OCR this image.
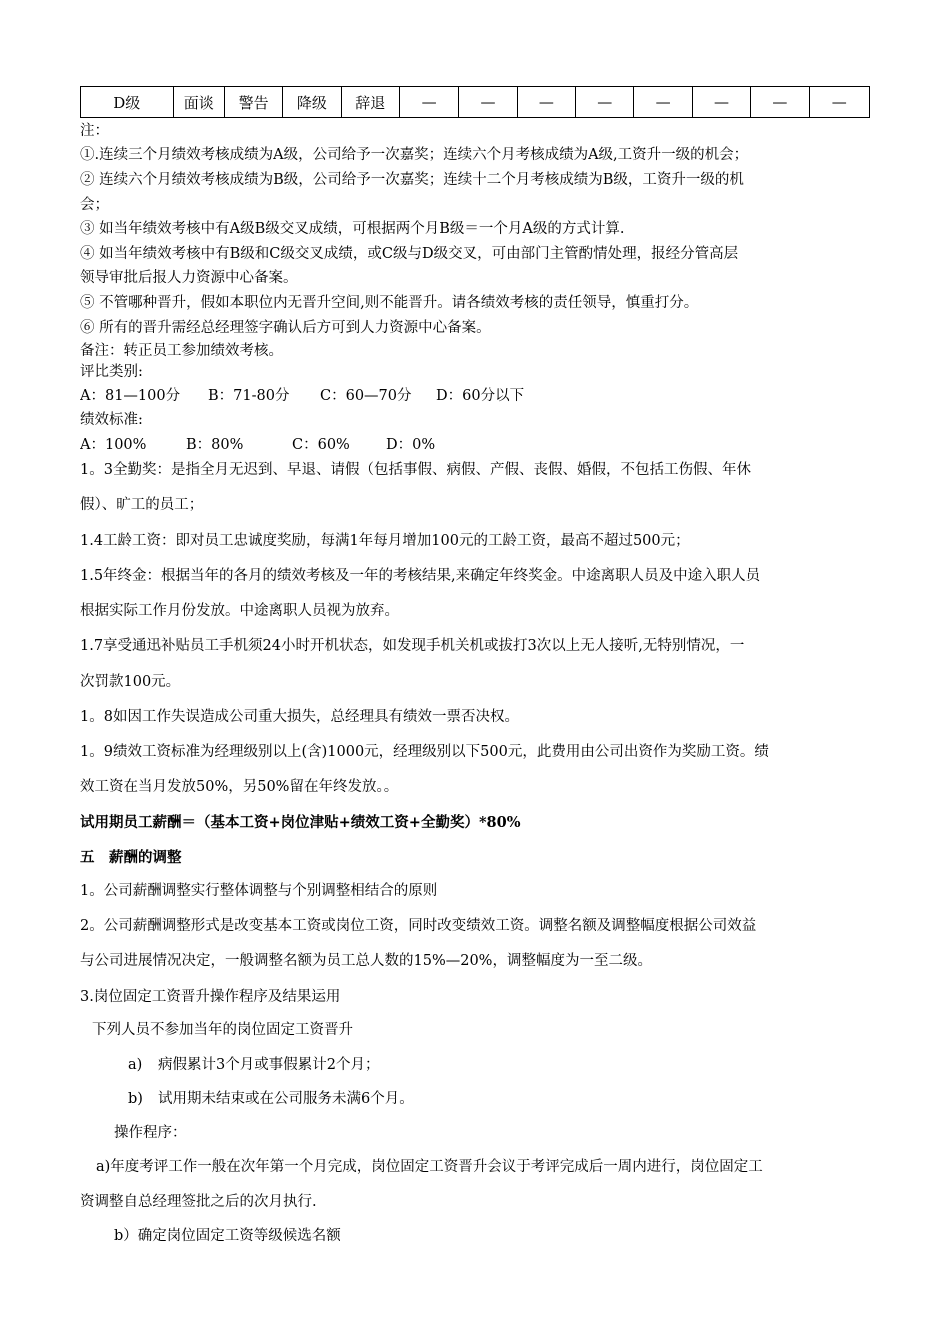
D级	面谈	警告	降级	辞退	—	—	—	—	—	—	—	—
注：
①.连续三个月绩效考核成绩为A级，公司给予一次嘉奖；连续六个月考核成绩为A级,工资升一级的机会；
② 连续六个月绩效考核成绩为B级，公司给予一次嘉奖；连续十二个月考核成绩为B级，工资升一级的机
会；
③ 如当年绩效考核中有A级B级交叉成绩，可根据两个月B级＝一个月A级的方式计算.
④ 如当年绩效考核中有B级和C级交叉成绩，或C级与D级交叉，可由部门主管酌情处理，报经分管高层
领导审批后报人力资源中心备案。
⑤ 不管哪种晋升，假如本职位内无晋升空间,则不能晋升。请各绩效考核的责任领导，慎重打分。
⑥ 所有的晋升需经总经理签字确认后方可到人力资源中心备案。
备注：转正员工参加绩效考核。
评比类别:
A：81—100分	B：71-80分	C：60—70分	D：60分以下
绩效标准:
A：100%	B：80%	C：60%	D：0%
1。3全勤奖：是指全月无迟到、早退、请假（包括事假、病假、产假、丧假、婚假，不包括工伤假、年休
假）、旷工的员工；
1.4工龄工资：即对员工忠诚度奖励，每满1年每月增加100元的工龄工资，最高不超过500元；
1.5年终金：根据当年的各月的绩效考核及一年的考核结果,来确定年终奖金。中途离职人员及中途入职人员
根据实际工作月份发放。中途离职人员视为放弃。
1.7享受通迅补贴员工手机须24小时开机状态，如发现手机关机或拔打3次以上无人接听,无特别情况，一
次罚款100元。
1。8如因工作失误造成公司重大损失，总经理具有绩效一票否决权。
1。9绩效工资标准为经理级别以上(含)1000元，经理级别以下500元，此费用由公司出资作为奖励工资。绩
效工资在当月发放50%，另50%留在年终发放。。
试用期员工薪酬＝（基本工资+岗位津贴+绩效工资+全勤奖）*80%
五　薪酬的调整
1。公司薪酬调整实行整体调整与个别调整相结合的原则
2。公司薪酬调整形式是改变基本工资或岗位工资，同时改变绩效工资。调整名额及调整幅度根据公司效益
与公司进展情况决定，一般调整名额为员工总人数的15%—20%，调整幅度为一至二级。
3.岗位固定工资晋升操作程序及结果运用
下列人员不参加当年的岗位固定工资晋升
a)	病假累计3个月或事假累计2个月；
b)	试用期未结束或在公司服务未满6个月。
操作程序：
a)年度考评工作一般在次年第一个月完成，岗位固定工资晋升会议于考评完成后一周内进行，岗位固定工
资调整自总经理签批之后的次月执行.
b）确定岗位固定工资等级候选名额
